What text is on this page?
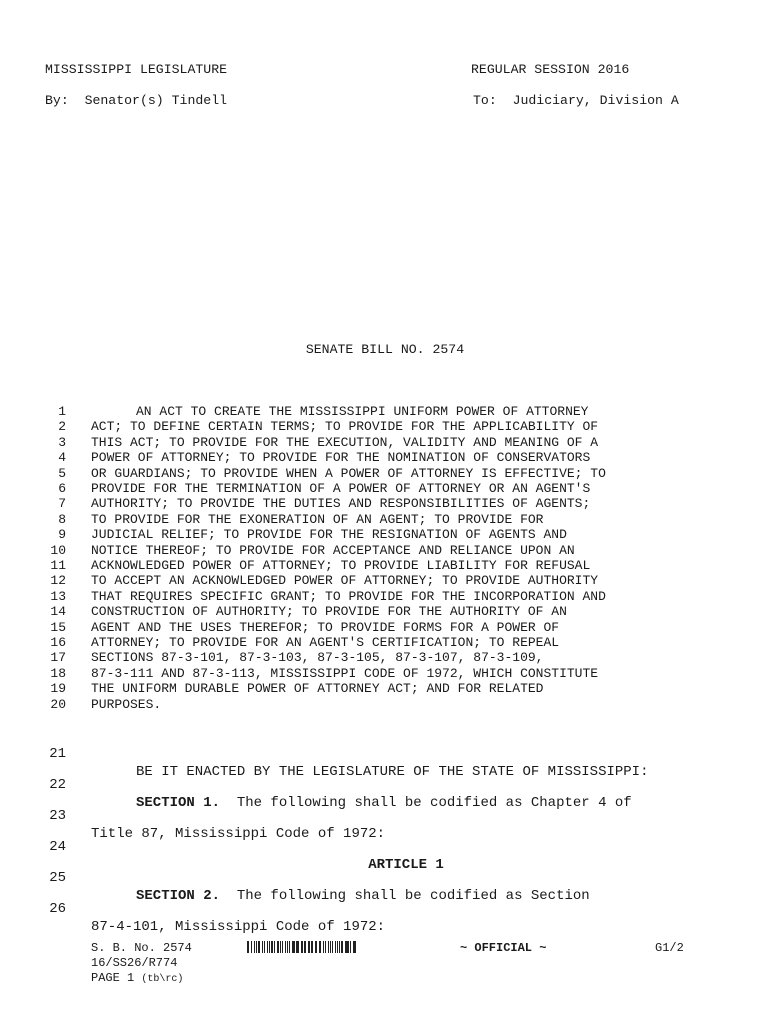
MISSISSIPPI LEGISLATURE	REGULAR SESSION 2016
By:  Senator(s) Tindell	To:  Judiciary, Division A
SENATE BILL NO. 2574
1	AN ACT TO CREATE THE MISSISSIPPI UNIFORM POWER OF ATTORNEY
2 ACT; TO DEFINE CERTAIN TERMS; TO PROVIDE FOR THE APPLICABILITY OF
3 THIS ACT; TO PROVIDE FOR THE EXECUTION, VALIDITY AND MEANING OF A
4 POWER OF ATTORNEY; TO PROVIDE FOR THE NOMINATION OF CONSERVATORS
5 OR GUARDIANS; TO PROVIDE WHEN A POWER OF ATTORNEY IS EFFECTIVE; TO
6 PROVIDE FOR THE TERMINATION OF A POWER OF ATTORNEY OR AN AGENT'S
7 AUTHORITY; TO PROVIDE THE DUTIES AND RESPONSIBILITIES OF AGENTS;
8 TO PROVIDE FOR THE EXONERATION OF AN AGENT; TO PROVIDE FOR
9 JUDICIAL RELIEF; TO PROVIDE FOR THE RESIGNATION OF AGENTS AND
10 NOTICE THEREOF; TO PROVIDE FOR ACCEPTANCE AND RELIANCE UPON AN
11 ACKNOWLEDGED POWER OF ATTORNEY; TO PROVIDE LIABILITY FOR REFUSAL
12 TO ACCEPT AN ACKNOWLEDGED POWER OF ATTORNEY; TO PROVIDE AUTHORITY
13 THAT REQUIRES SPECIFIC GRANT; TO PROVIDE FOR THE INCORPORATION AND
14 CONSTRUCTION OF AUTHORITY; TO PROVIDE FOR THE AUTHORITY OF AN
15 AGENT AND THE USES THEREFOR; TO PROVIDE FORMS FOR A POWER OF
16 ATTORNEY; TO PROVIDE FOR AN AGENT'S CERTIFICATION; TO REPEAL
17 SECTIONS 87-3-101, 87-3-103, 87-3-105, 87-3-107, 87-3-109,
18 87-3-111 AND 87-3-113, MISSISSIPPI CODE OF 1972, WHICH CONSTITUTE
19 THE UNIFORM DURABLE POWER OF ATTORNEY ACT; AND FOR RELATED
20 PURPOSES.

21

BE IT ENACTED BY THE LEGISLATURE OF THE STATE OF MISSISSIPPI:

22

SECTION 1.  The following shall be codified as Chapter 4 of

23

Title 87, Mississippi Code of 1972:

24

ARTICLE 1

25

SECTION 2.  The following shall be codified as Section

26

87-4-101, Mississippi Code of 1972:

S. B. No. 2574
16/SS26/R774
PAGE 1 (tb\rc)
~ OFFICIAL ~	G1/2
